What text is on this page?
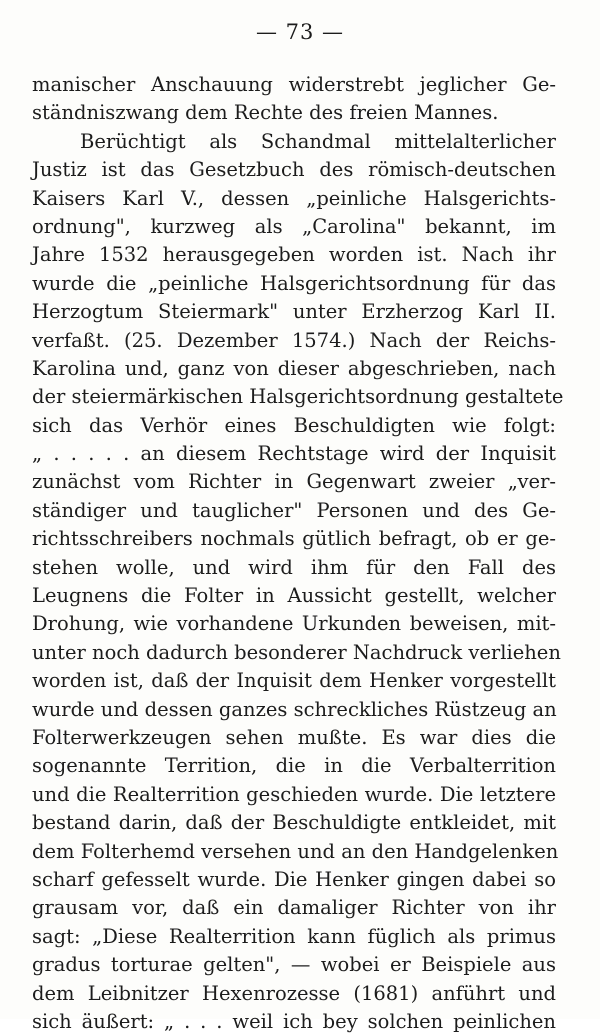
— 73 —
manischer Anschauung widerstrebt jeglicher Ge-
ständniszwang dem Rechte des freien Mannes.
Berüchtigt als Schandmal mittelalterlicher
Justiz ist das Gesetzbuch des römisch-deutschen
Kaisers Karl V., dessen „peinliche Halsgerichts-
ordnung", kurzweg als „Carolina" bekannt, im
Jahre 1532 herausgegeben worden ist. Nach ihr
wurde die „peinliche Halsgerichtsordnung für das
Herzogtum Steiermark" unter Erzherzog Karl II.
verfaßt. (25. Dezember 1574.) Nach der Reichs-
Karolina und, ganz von dieser abgeschrieben, nach
der steiermärkischen Halsgerichtsordnung gestaltete
sich das Verhör eines Beschuldigten wie folgt:
„ . . . . . an diesem Rechtstage wird der Inquisit
zunächst vom Richter in Gegenwart zweier „ver-
ständiger und tauglicher" Personen und des Ge-
richtsschreibers nochmals gütlich befragt, ob er ge-
stehen wolle, und wird ihm für den Fall des
Leugnens die Folter in Aussicht gestellt, welcher
Drohung, wie vorhandene Urkunden beweisen, mit-
unter noch dadurch besonderer Nachdruck verliehen
worden ist, daß der Inquisit dem Henker vorgestellt
wurde und dessen ganzes schreckliches Rüstzeug an
Folterwerkzeugen sehen mußte. Es war dies die
sogenannte Territion, die in die Verbalterrition
und die Realterrition geschieden wurde. Die letztere
bestand darin, daß der Beschuldigte entkleidet, mit
dem Folterhemd versehen und an den Handgelenken
scharf gefesselt wurde. Die Henker gingen dabei so
grausam vor, daß ein damaliger Richter von ihr
sagt: „Diese Realterrition kann füglich als primus
gradus torturae gelten", — wobei er Beispiele aus
dem Leibnitzer Hexenrozesse (1681) anführt und
sich äußert: „ . . . weil ich bey solchen peinlichen
